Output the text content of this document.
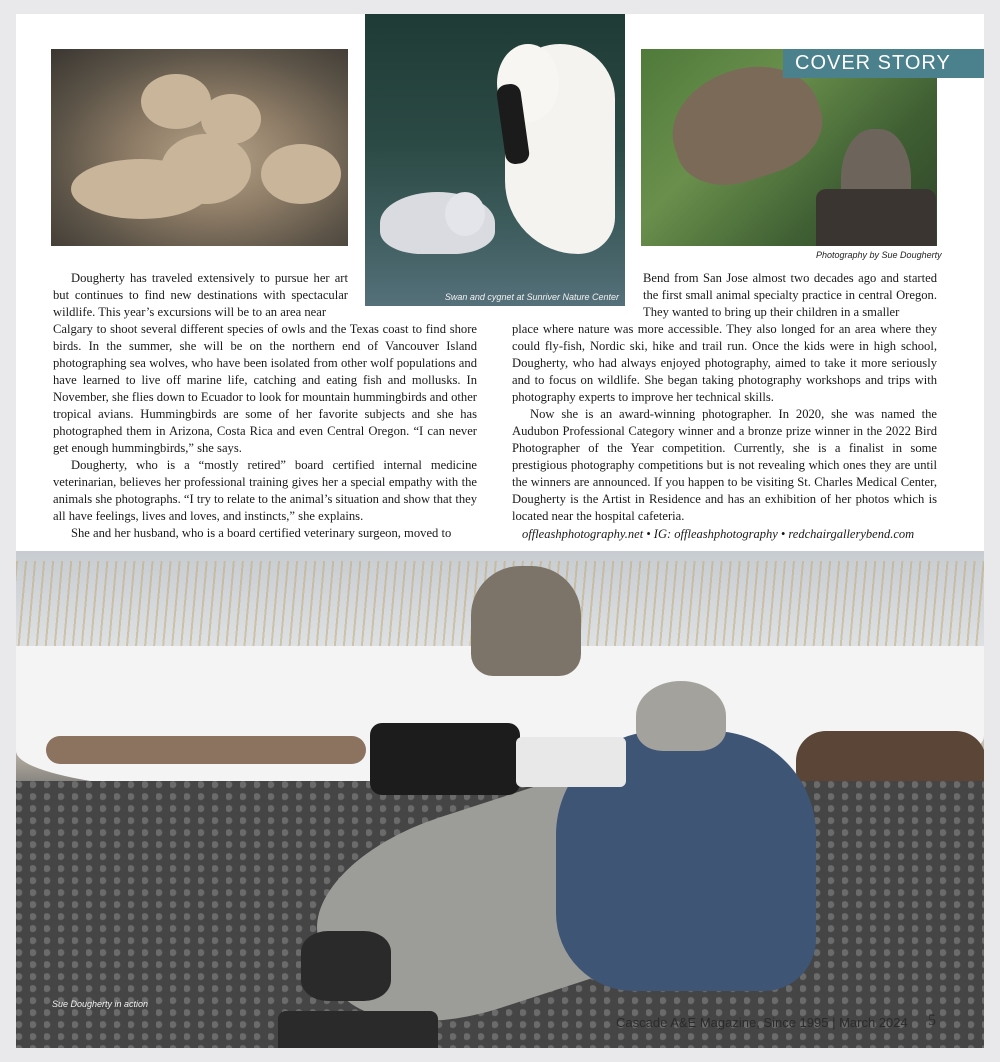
Swan and cygnet at Sunriver Nature Center
COVER STORY
Photography by Sue Dougherty

Dougherty has traveled extensively to pursue her art but continues to find new destinations with spectacular wildlife. This year’s excursions will be to an area near

Bend from San Jose almost two decades ago and started the first small animal specialty practice in central Oregon. They wanted to bring up their children in a smaller

Calgary to shoot several different species of owls and the Texas coast to find shore birds. In the summer, she will be on the northern end of Vancouver Island photographing sea wolves, who have been isolated from other wolf populations and have learned to live off marine life, catching and eating fish and mollusks. In November, she flies down to Ecuador to look for mountain hummingbirds and other tropical avians. Hummingbirds are some of her favorite subjects and she has photographed them in Arizona, Costa Rica and even Central Oregon. “I can never get enough hummingbirds,” she says.

Dougherty, who is a “mostly retired” board certified internal medicine veterinarian, believes her professional training gives her a special empathy with the animals she photographs. “I try to relate to the animal’s situation and show that they all have feelings, lives and loves, and instincts,” she explains.

She and her husband, who is a board certified veterinary surgeon, moved to

place where nature was more accessible. They also longed for an area where they could fly-fish, Nordic ski, hike and trail run. Once the kids were in high school, Dougherty, who had always enjoyed photography, aimed to take it more seriously and to focus on wildlife. She began taking photography workshops and trips with photography experts to improve her technical skills.

Now she is an award-winning photographer. In 2020, she was named the Audubon Professional Category winner and a bronze prize winner in the 2022 Bird Photographer of the Year competition. Currently, she is a finalist in some prestigious photography competitions but is not revealing which ones they are until the winners are announced. If you happen to be visiting St. Charles Medical Center, Dougherty is the Artist in Residence and has an exhibition of her photos which is located near the hospital cafeteria.

offleashphotography.net • IG: offleashphotography • redchairgallerybend.com
Sue Dougherty in action
Cascade A&E Magazine, Since 1995 | March 2024 5
